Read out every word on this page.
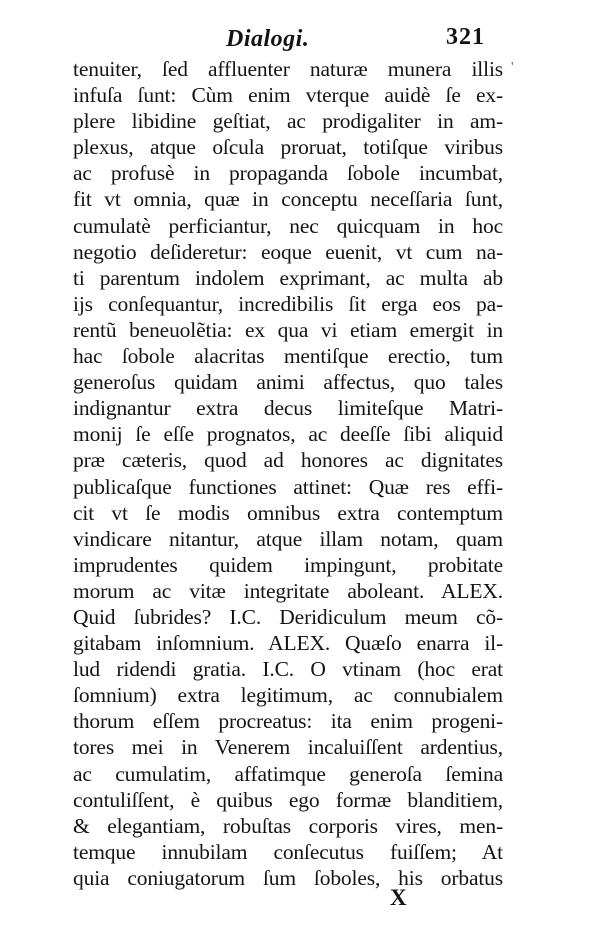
Dialogi.	321
'
tenuiter, ſed affluenter naturæ munera illis
infuſa ſunt: Cùm enim vterque auidè ſe ex-
plere libidine geſtiat, ac prodigaliter in am-
plexus, atque oſcula proruat, totiſque viribus
ac profusè in propaganda ſobole incumbat,
fit vt omnia, quæ in conceptu neceſſaria ſunt,
cumulatè perficiantur, nec quicquam in hoc
negotio deſideretur: eoque euenit, vt cum na-
ti parentum indolem exprimant, ac multa ab
ijs conſequantur, incredibilis ſit erga eos pa-
rentũ beneuolẽtia: ex qua vi etiam emergit in
hac ſobole alacritas mentiſque erectio, tum
generoſus quidam animi affectus, quo tales
indignantur extra decus limiteſque Matri-
monij ſe eſſe prognatos, ac deeſſe ſibi aliquid
præ cæteris, quod ad honores ac dignitates
publicaſque functiones attinet: Quæ res effi-
cit vt ſe modis omnibus extra contemptum
vindicare nitantur, atque illam notam, quam
imprudentes quidem impingunt, probitate
morum ac vitæ integritate aboleant. ALEX.
Quid ſubrides? I.C. Deridiculum meum cõ-
gitabam inſomnium. ALEX. Quæſo enarra il-
lud ridendi gratia. I.C. O vtinam (hoc erat
ſomnium) extra legitimum, ac connubialem
thorum eſſem procreatus: ita enim progeni-
tores mei in Venerem incaluiſſent ardentius,
ac cumulatim, affatimque generoſa ſemina
contuliſſent, è quibus ego formæ blanditiem,
& elegantiam, robuſtas corporis vires, men-
temque innubilam conſecutus fuiſſem; At
quia coniugatorum ſum ſoboles, his orbatus
X
